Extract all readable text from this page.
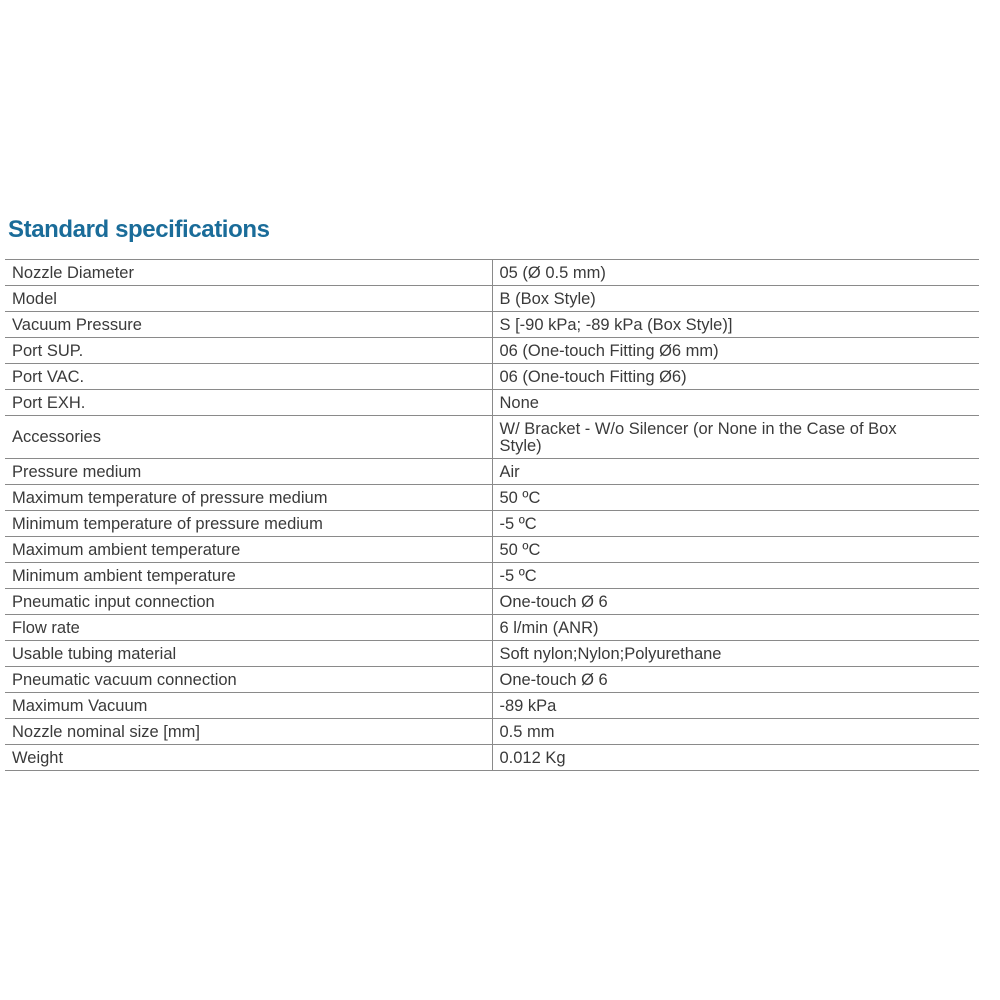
Standard specifications
Nozzle Diameter	05 (Ø 0.5 mm)
Model	B (Box Style)
Vacuum Pressure	S [-90 kPa; -89 kPa (Box Style)]
Port SUP.	06 (One-touch Fitting Ø6 mm)
Port VAC.	06 (One-touch Fitting Ø6)
Port EXH.	None
Accessories	W/ Bracket - W/o Silencer (or None in the Case of Box Style)
Pressure medium	Air
Maximum temperature of pressure medium	50 ºC
Minimum temperature of pressure medium	-5 ºC
Maximum ambient temperature	50 ºC
Minimum ambient temperature	-5 ºC
Pneumatic input connection	One-touch Ø 6
Flow rate	6 l/min (ANR)
Usable tubing material	Soft nylon;Nylon;Polyurethane
Pneumatic vacuum connection	One-touch Ø 6
Maximum Vacuum	-89 kPa
Nozzle nominal size [mm]	0.5 mm
Weight	0.012 Kg
